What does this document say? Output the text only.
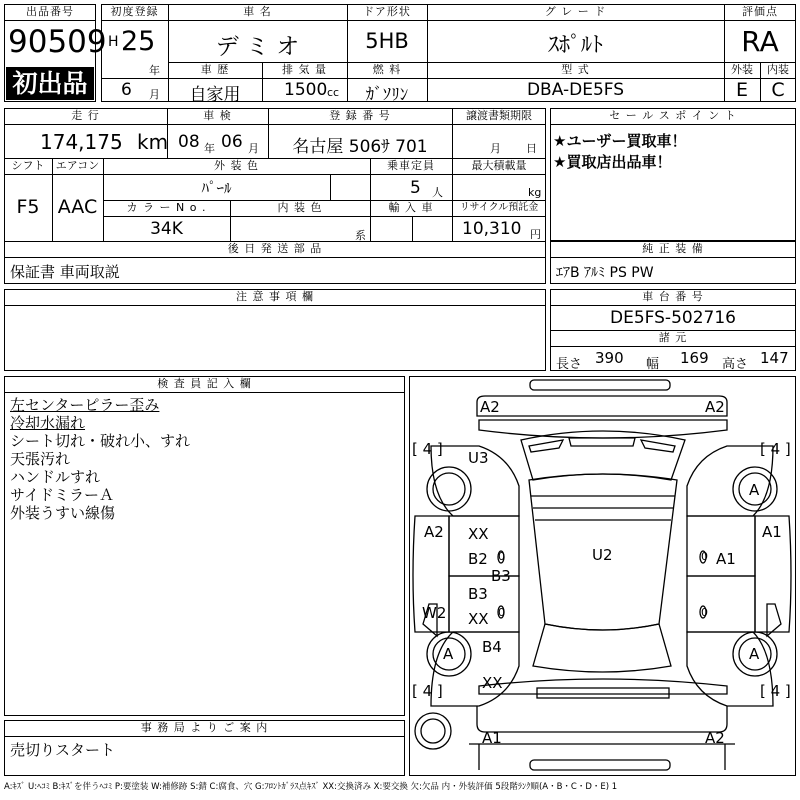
出品番号
90509
初出品
初度登録
H 25
年
6 月
車 名
デ ミ オ
ドア形状
5HB
グ レ ー ド
ｽﾎﾟﾙﾄ
評価点
RA
車 歴
自家用
排 気 量
1500 cc
燃 料
ｶﾞｿﾘﾝ
型 式
DBA-DE5FS
外装
E
内装
C
走 行
174,175 km
車 検
08 年 06 月
登 録 番 号
名古屋 506ｻ 701
譲渡書類期限
月 日
シフト
F5
エアコン
AAC
外 装 色
ﾊﾟｰﾙ
乗車定員
5 人
最大積載量
kg
カ ラ ー N o .
34K
内 装 色
系
輸 入 車	リサイクル預託金
10,310 円
後 日 発 送 部 品
保証書 車両取説
セ ー ル ス ポ イ ン ト
★ユーザー買取車！
★買取店出品車！
純 正 装 備
ｴｱB ｱﾙﾐ PS PW
注 意 事 項 欄	車 台 番 号
DE5FS-502716
諸 元
長さ 390 幅 169 高さ 147
検 査 員 記 入 欄
左センターピラー歪み
冷却水漏れ
シート切れ・破れ小、すれ
天張汚れ
ハンドルすれ
サイドミラーＡ
外装うすい線傷
事 務 局 よ り ご 案 内
売切りスタート
[ 4 ]	[ 4 ]
[ 4 ]	[ 4 ]
A2	A2
U3
A
A2	A1
XX
B2 0	U2	0 A1
B3
B3
W2 XX 0	0
A B4	A
XX
A1	A2
A:ｷｽﾞ U:ﾍｺﾐ B:ｷｽﾞを伴うﾍｺﾐ P:要塗装 W:補修跡 S:錆 C:腐食、穴 G:ﾌﾛﾝﾄｶﾞﾗｽ点ｷｽﾞ XX:交換済み X:要交換 欠:欠品 内・外装評価 5段階ﾗﾝｸ順(A・B・C・D・E) 1
